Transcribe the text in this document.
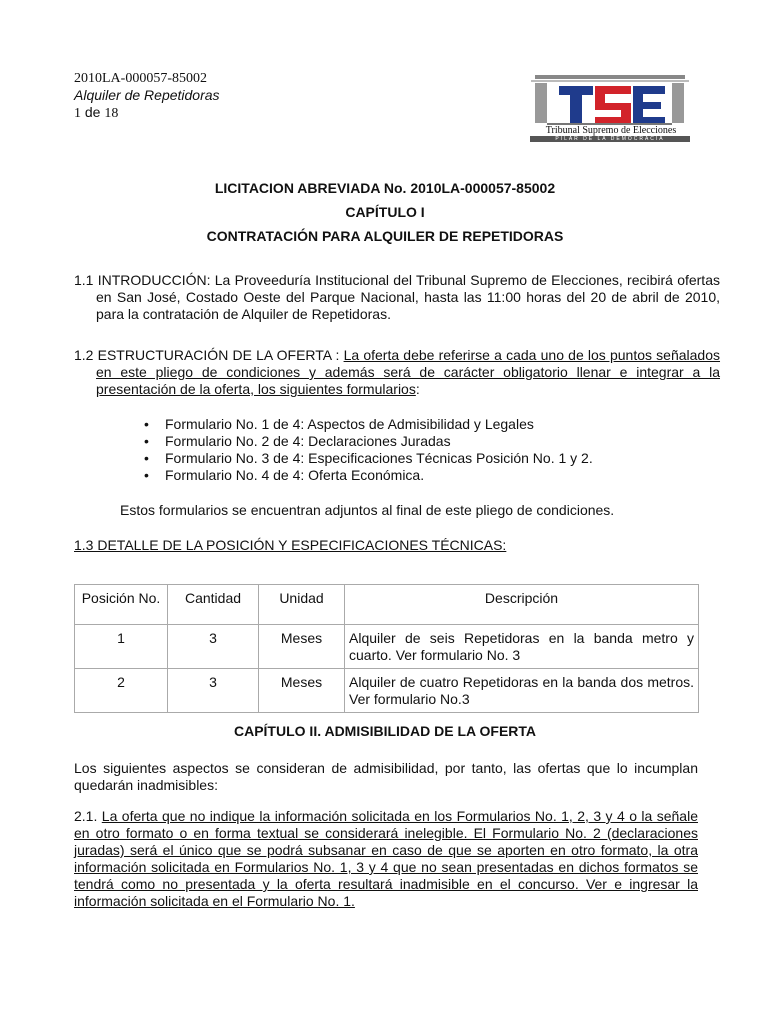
2010LA-000057-85002
Alquiler de Repetidoras
1 de 18
Tribunal Supremo de Elecciones
PILAR DE LA DEMOCRACIA
LICITACION ABREVIADA No. 2010LA-000057-85002
CAPÍTULO I
CONTRATACIÓN PARA ALQUILER DE REPETIDORAS
1.1 INTRODUCCIÓN: La Proveeduría Institucional del Tribunal Supremo de Elecciones, recibirá ofertas en San José, Costado Oeste del Parque Nacional, hasta las 11:00 horas del 20 de abril de 2010, para la contratación de Alquiler de Repetidoras.
1.2 ESTRUCTURACIÓN DE LA OFERTA : La oferta debe referirse a cada uno de los puntos señalados en este pliego de condiciones y además será de carácter obligatorio llenar e integrar a la presentación de la oferta, los siguientes formularios:
• Formulario No. 1 de 4: Aspectos de Admisibilidad y Legales
• Formulario No. 2 de 4: Declaraciones Juradas
• Formulario No. 3 de 4: Especificaciones Técnicas Posición No. 1 y 2.
• Formulario No. 4 de 4: Oferta Económica.
Estos formularios se encuentran adjuntos al final de este pliego de condiciones.
1.3 DETALLE DE LA POSICIÓN Y ESPECIFICACIONES TÉCNICAS:
Posición No.	Cantidad	Unidad	Descripción
1	3	Meses	Alquiler de seis Repetidoras en la banda metro y cuarto. Ver formulario No. 3
2	3	Meses	Alquiler de cuatro Repetidoras en la banda dos metros. Ver formulario No.3
CAPÍTULO II. ADMISIBILIDAD DE LA OFERTA
Los siguientes aspectos se consideran de admisibilidad, por tanto, las ofertas que lo incumplan quedarán inadmisibles:
2.1. La oferta que no indique la información solicitada en los Formularios No. 1, 2, 3 y 4 o la señale en otro formato o en forma textual se considerará inelegible. El Formulario No. 2 (declaraciones juradas) será el único que se podrá subsanar en caso de que se aporten en otro formato, la otra información solicitada en Formularios No. 1, 3 y 4 que no sean presentadas en dichos formatos se tendrá como no presentada y la oferta resultará inadmisible en el concurso. Ver e ingresar la información solicitada en el Formulario No. 1.
